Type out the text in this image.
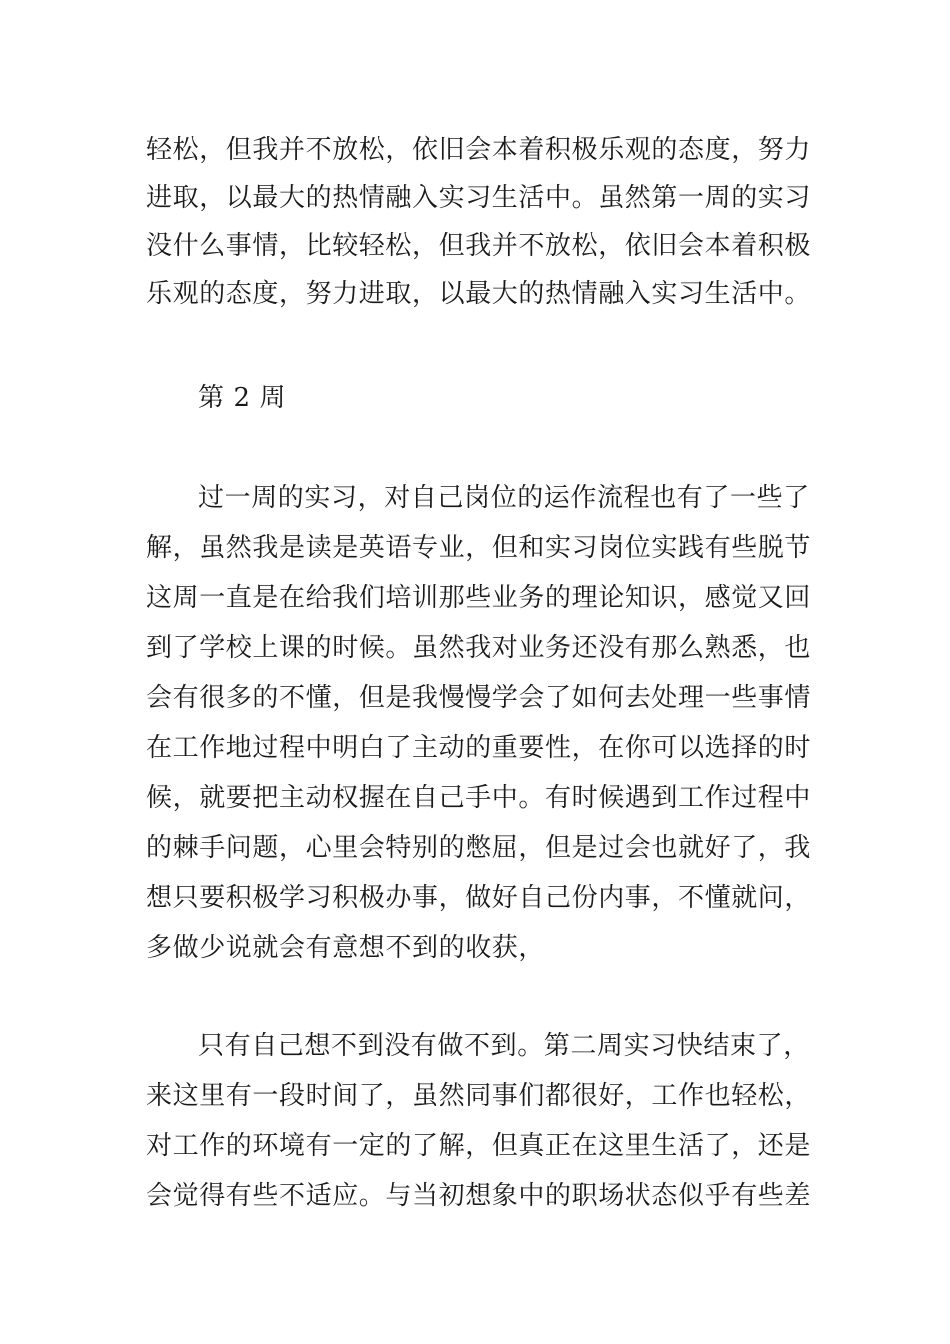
轻松，但我并不放松，依旧会本着积极乐观的态度，努力
进取，以最大的热情融入实习生活中。虽然第一周的实习
没什么事情，比较轻松，但我并不放松，依旧会本着积极
乐观的态度，努力进取，以最大的热情融入实习生活中。
第 2 周
过一周的实习，对自己岗位的运作流程也有了一些了
解，虽然我是读是英语专业，但和实习岗位实践有些脱节
这周一直是在给我们培训那些业务的理论知识，感觉又回
到了学校上课的时候。虽然我对业务还没有那么熟悉，也
会有很多的不懂，但是我慢慢学会了如何去处理一些事情
在工作地过程中明白了主动的重要性，在你可以选择的时
候，就要把主动权握在自己手中。有时候遇到工作过程中
的棘手问题，心里会特别的憋屈，但是过会也就好了，我
想只要积极学习积极办事，做好自己份内事，不懂就问，
多做少说就会有意想不到的收获，
只有自己想不到没有做不到。第二周实习快结束了，
来这里有一段时间了，虽然同事们都很好，工作也轻松，
对工作的环境有一定的了解，但真正在这里生活了，还是
会觉得有些不适应。与当初想象中的职场状态似乎有些差
